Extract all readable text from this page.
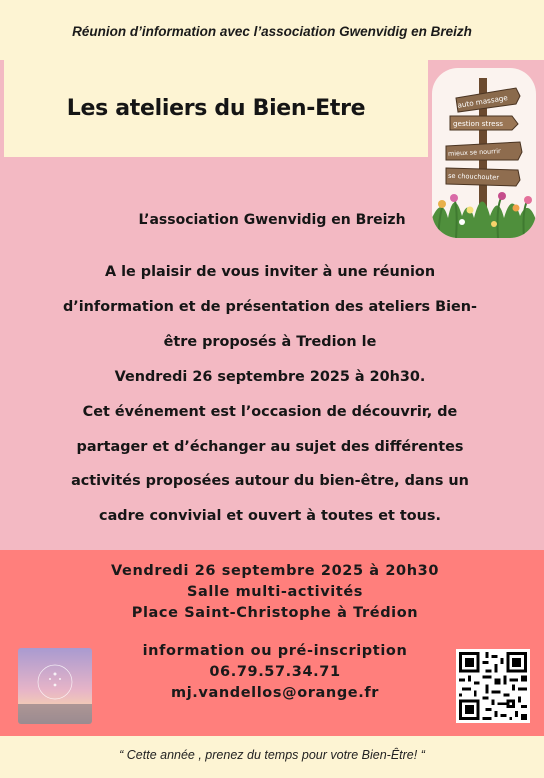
Réunion d’information avec l’association Gwenvidig en Breizh
Les ateliers du Bien-Etre	auto massage
gestion stress
mieux se nourrir
se chouchouter
L’association Gwenvidig en Breizh
A le plaisir de vous inviter à une réunion
d’information et de présentation des ateliers Bien-
être proposés à Tredion le
Vendredi 26 septembre 2025 à 20h30.
Cet événement est l’occasion de découvrir, de
partager et d’échanger au sujet des différentes
activités proposées autour du bien-être, dans un
cadre convivial et ouvert à toutes et tous.
Vendredi 26 septembre 2025 à 20h30
Salle multi-activités
Place Saint-Christophe à Trédion
information ou pré-inscription
06.79.57.34.71
mj.vandellos@orange.fr
“ Cette année , prenez du temps pour votre Bien-Être! “
